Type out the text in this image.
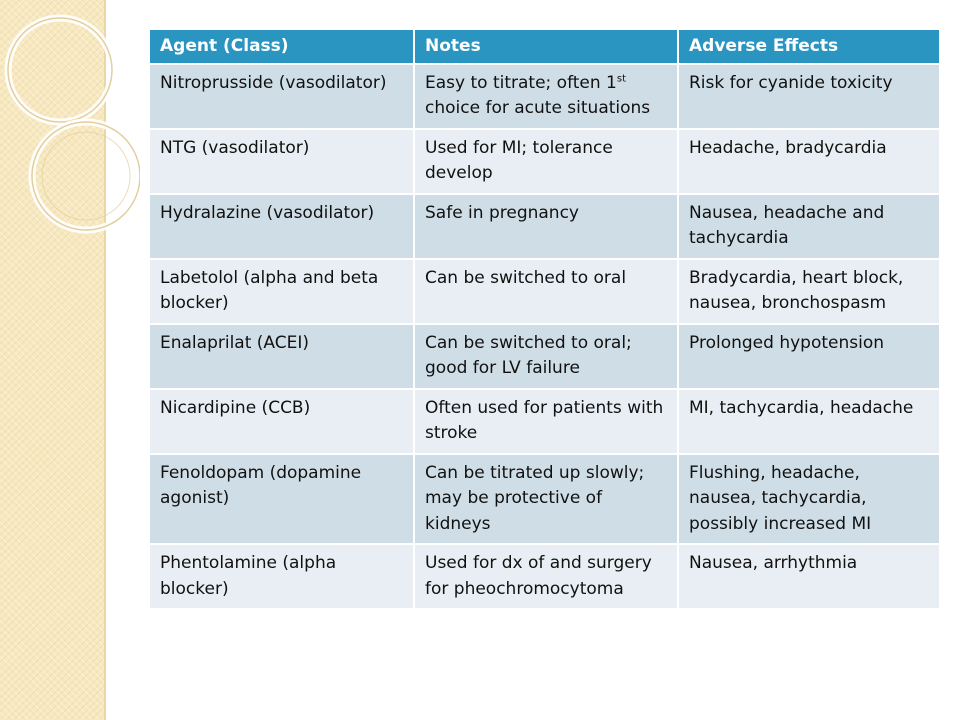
Agent (Class)	Notes	Adverse Effects
Nitroprusside (vasodilator)	Easy to titrate; often 1st choice for acute situations	Risk for cyanide toxicity
NTG (vasodilator)	Used for MI; tolerance develop	Headache, bradycardia
Hydralazine (vasodilator)	Safe in pregnancy	Nausea, headache and tachycardia
Labetolol (alpha and beta blocker)	Can be switched to oral	Bradycardia, heart block, nausea, bronchospasm
Enalaprilat (ACEI)	Can be switched to oral; good for LV failure	Prolonged hypotension
Nicardipine (CCB)	Often used for patients with stroke	MI, tachycardia, headache
Fenoldopam (dopamine agonist)	Can be titrated up slowly; may be protective of kidneys	Flushing, headache, nausea, tachycardia, possibly increased MI
Phentolamine (alpha blocker)	Used for dx of and surgery for pheochromocytoma	Nausea, arrhythmia
